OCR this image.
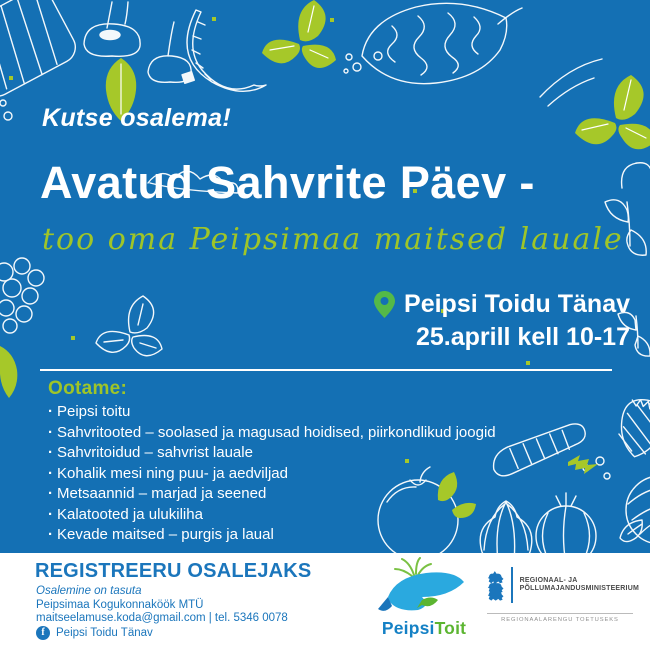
Kutse osalema!
Avatud Sahvrite Päev -
too oma Peipsimaa maitsed lauale
Peipsi Toidu Tänav
25.aprill kell 10-17
Ootame:
· Peipsi toitu
· Sahvritooted – soolased ja magusad hoidised, piirkondlikud joogid
· Sahvritoidud – sahvrist lauale
· Kohalik mesi ning puu- ja aedviljad
· Metsaannid – marjad ja seened
· Kalatooted ja ulukiliha
· Kevade maitsed – purgis ja laual
REGISTREERU OSALEJAKS
Osalemine on tasuta
Peipsimaa Kogukonnaköök MTÜ
maitseelamuse.koda@gmail.com | tel. 5346 0078
f Peipsi Toidu Tänav	PeipsiToit
REGIONAAL- JA
PÕLLUMAJANDUSMINISTEERIUM
REGIONAALARENGU TOETUSEKS
